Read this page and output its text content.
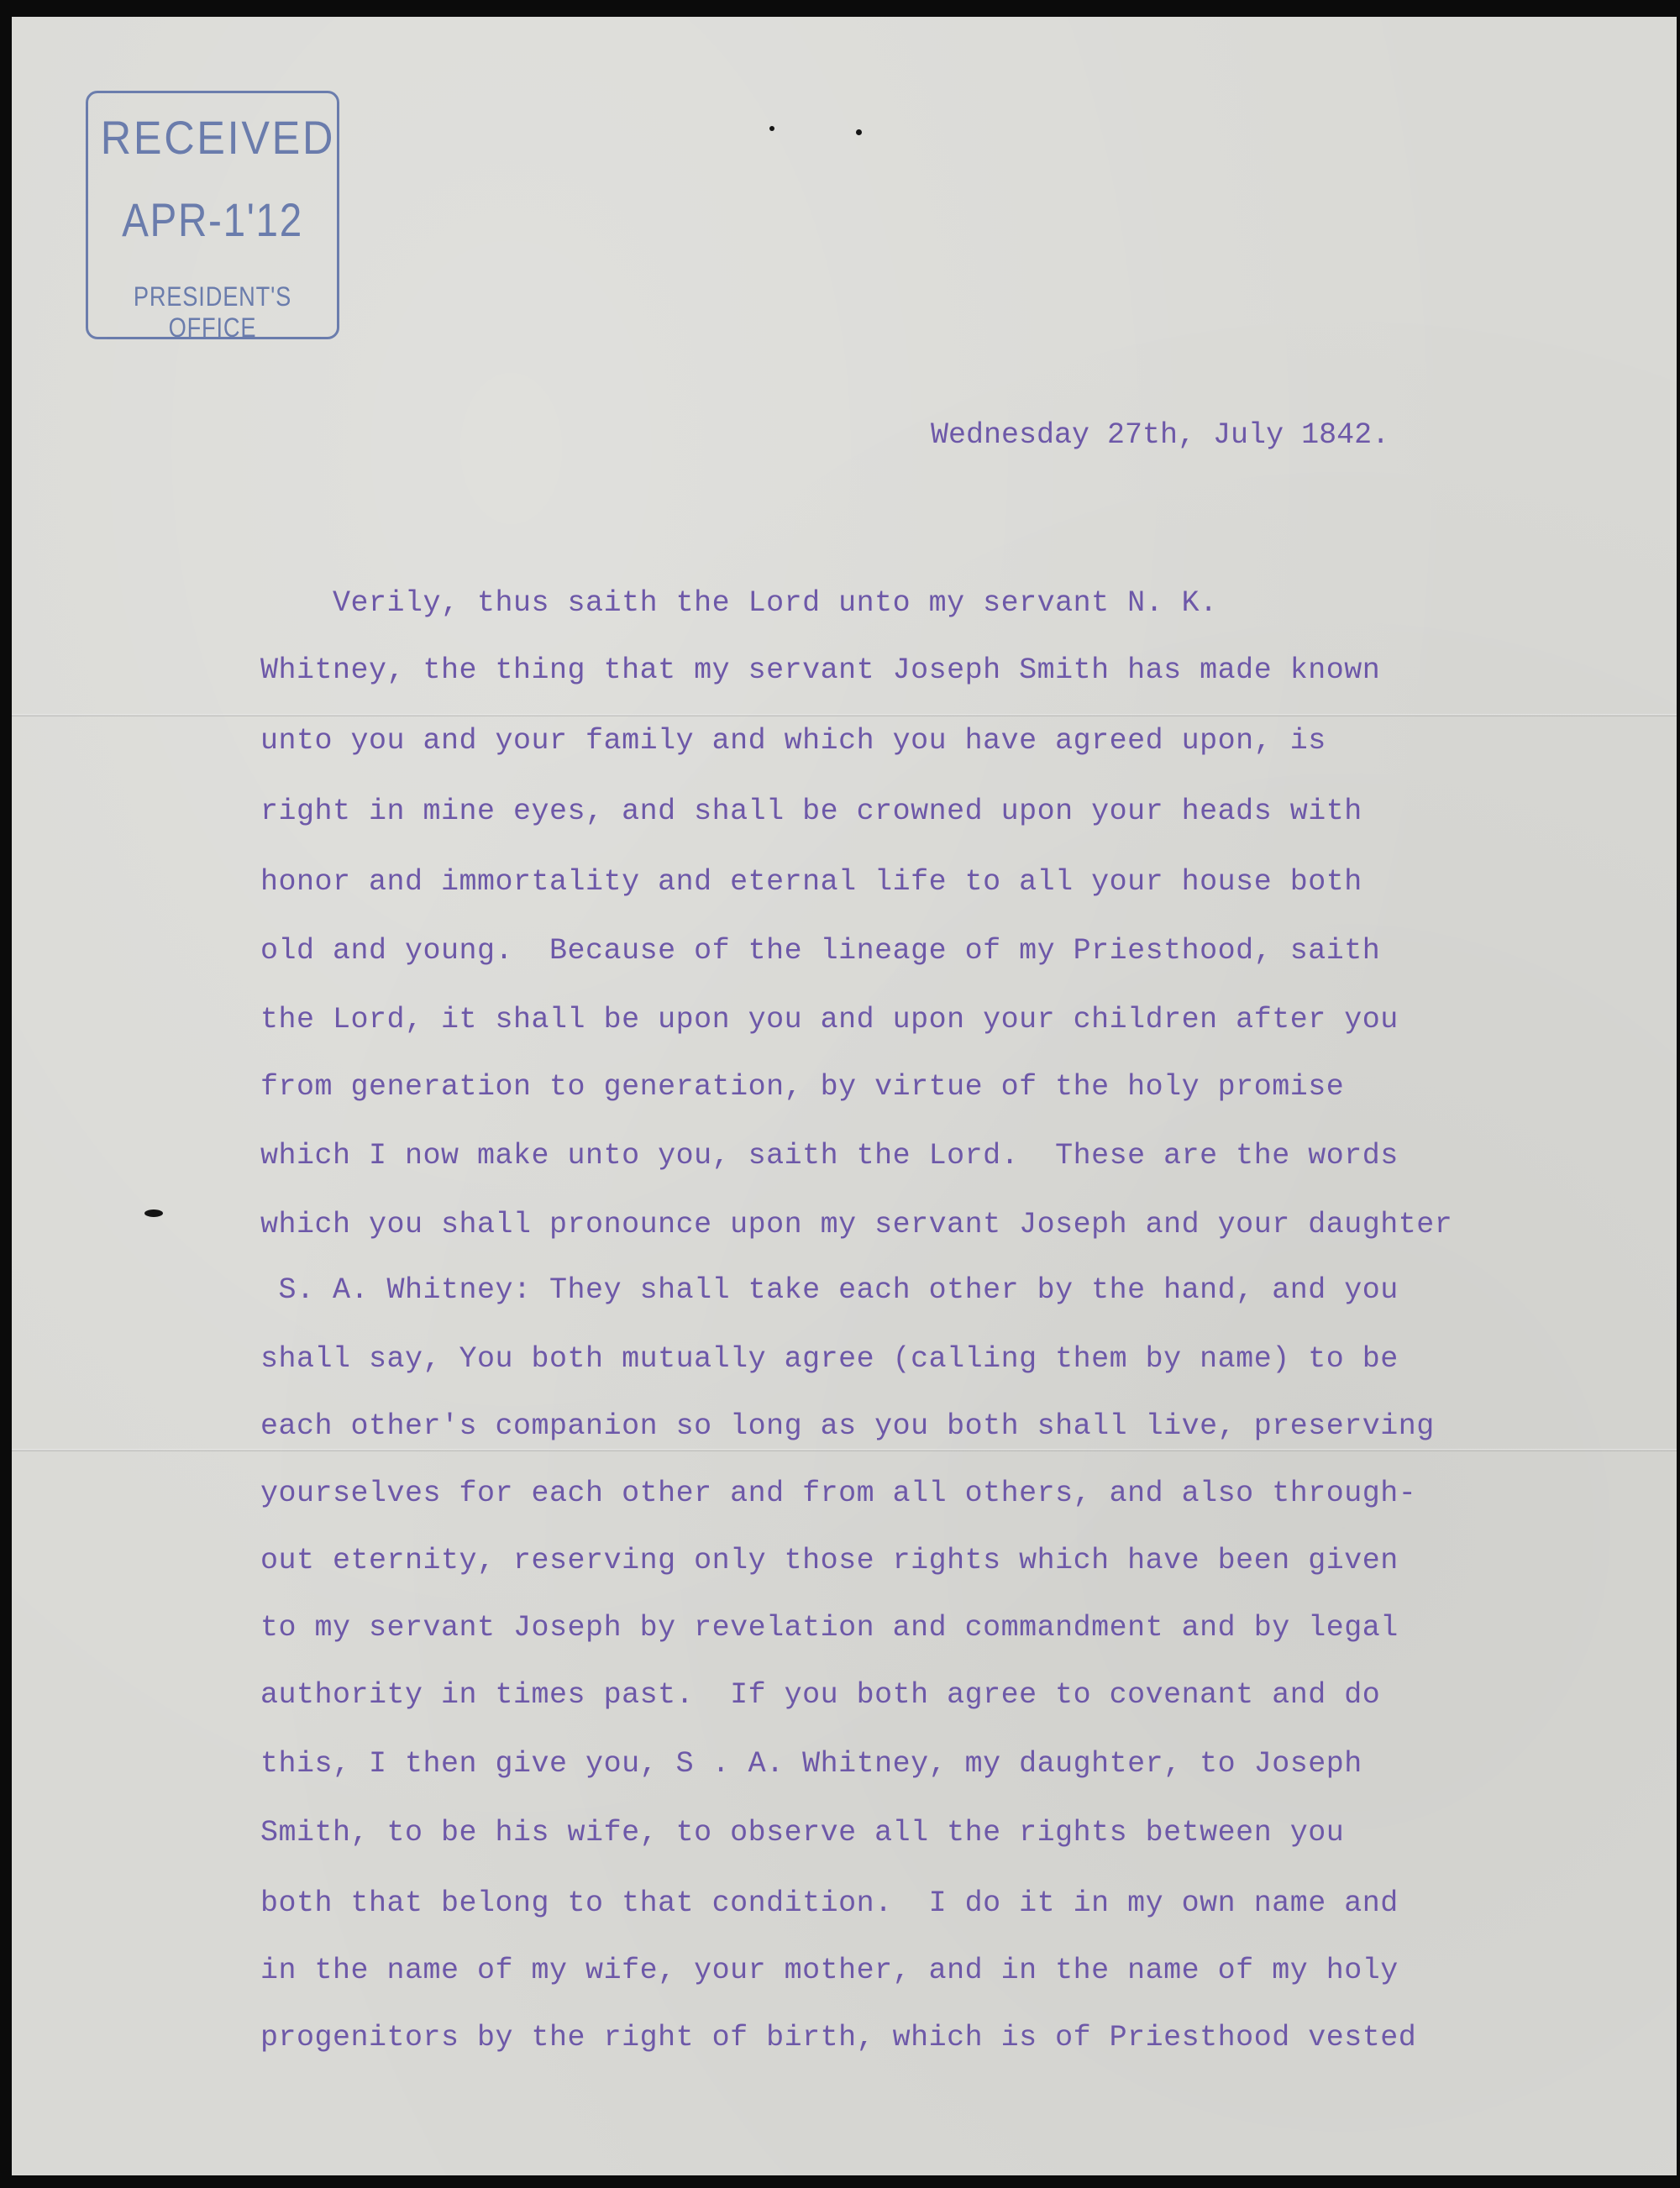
RECEIVED
APR-1'12
PRESIDENT'S OFFICE
Wednesday 27th, July 1842.
Verily, thus saith the Lord unto my servant N. K.
Whitney, the thing that my servant Joseph Smith has made known
unto you and your family and which you have agreed upon, is
right in mine eyes, and shall be crowned upon your heads with
honor and immortality and eternal life to all your house both
old and young.  Because of the lineage of my Priesthood, saith
the Lord, it shall be upon you and upon your children after you
from generation to generation, by virtue of the holy promise
which I now make unto you, saith the Lord.  These are the words
which you shall pronounce upon my servant Joseph and your daughter
S. A. Whitney: They shall take each other by the hand, and you
shall say, You both mutually agree (calling them by name) to be
each other's companion so long as you both shall live, preserving
yourselves for each other and from all others, and also through-
out eternity, reserving only those rights which have been given
to my servant Joseph by revelation and commandment and by legal
authority in times past.  If you both agree to covenant and do
this, I then give you, S . A. Whitney, my daughter, to Joseph
Smith, to be his wife, to observe all the rights between you
both that belong to that condition.  I do it in my own name and
in the name of my wife, your mother, and in the name of my holy
progenitors by the right of birth, which is of Priesthood vested
